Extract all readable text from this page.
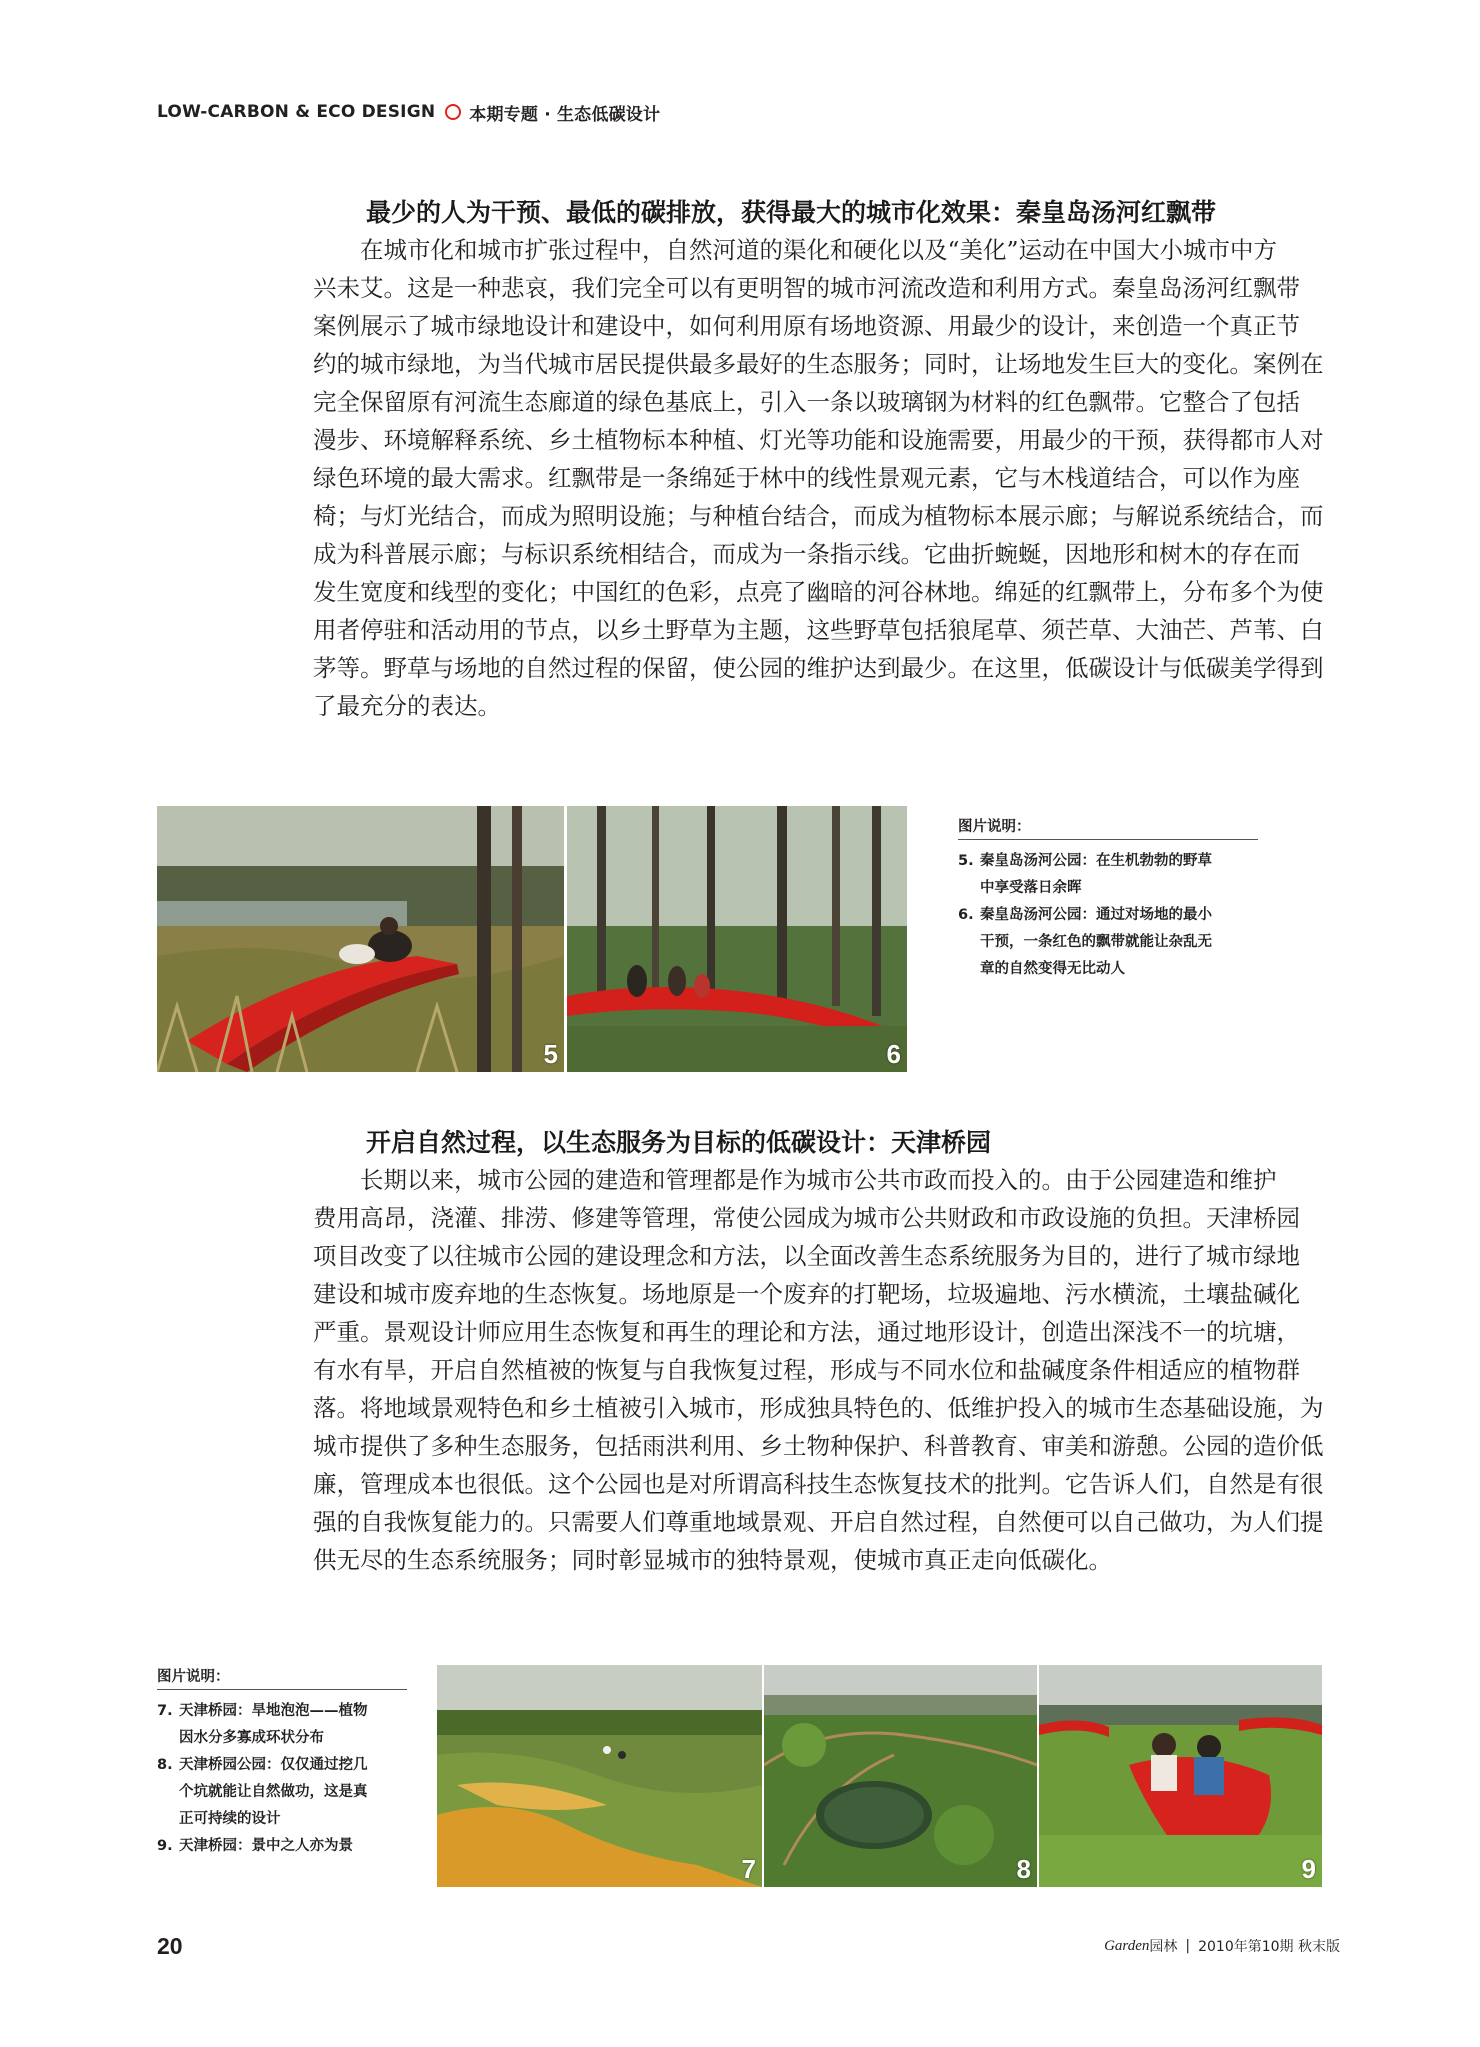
LOW-CARBON & ECO DESIGN 本期专题 · 生态低碳设计
最少的人为干预、最低的碳排放，获得最大的城市化效果：秦皇岛汤河红飘带
　　在城市化和城市扩张过程中，自然河道的渠化和硬化以及“美化”运动在中国大小城市中方
兴未艾。这是一种悲哀，我们完全可以有更明智的城市河流改造和利用方式。秦皇岛汤河红飘带
案例展示了城市绿地设计和建设中，如何利用原有场地资源、用最少的设计，来创造一个真正节
约的城市绿地，为当代城市居民提供最多最好的生态服务；同时，让场地发生巨大的变化。案例在
完全保留原有河流生态廊道的绿色基底上，引入一条以玻璃钢为材料的红色飘带。它整合了包括
漫步、环境解释系统、乡土植物标本种植、灯光等功能和设施需要，用最少的干预，获得都市人对
绿色环境的最大需求。红飘带是一条绵延于林中的线性景观元素，它与木栈道结合，可以作为座
椅；与灯光结合，而成为照明设施；与种植台结合，而成为植物标本展示廊；与解说系统结合，而
成为科普展示廊；与标识系统相结合，而成为一条指示线。它曲折蜿蜒，因地形和树木的存在而
发生宽度和线型的变化；中国红的色彩，点亮了幽暗的河谷林地。绵延的红飘带上，分布多个为使
用者停驻和活动用的节点，以乡土野草为主题，这些野草包括狼尾草、须芒草、大油芒、芦苇、白
茅等。野草与场地的自然过程的保留，使公园的维护达到最少。在这里，低碳设计与低碳美学得到
了最充分的表达。
5	6
图片说明：
5. 秦皇岛汤河公园：在生机勃勃的野草
中享受落日余晖
6. 秦皇岛汤河公园：通过对场地的最小
干预，一条红色的飘带就能让杂乱无
章的自然变得无比动人
开启自然过程，以生态服务为目标的低碳设计：天津桥园
　　长期以来，城市公园的建造和管理都是作为城市公共市政而投入的。由于公园建造和维护
费用高昂，浇灌、排涝、修建等管理，常使公园成为城市公共财政和市政设施的负担。天津桥园
项目改变了以往城市公园的建设理念和方法，以全面改善生态系统服务为目的，进行了城市绿地
建设和城市废弃地的生态恢复。场地原是一个废弃的打靶场，垃圾遍地、污水横流，土壤盐碱化
严重。景观设计师应用生态恢复和再生的理论和方法，通过地形设计，创造出深浅不一的坑塘，
有水有旱，开启自然植被的恢复与自我恢复过程，形成与不同水位和盐碱度条件相适应的植物群
落。将地域景观特色和乡土植被引入城市，形成独具特色的、低维护投入的城市生态基础设施，为
城市提供了多种生态服务，包括雨洪利用、乡土物种保护、科普教育、审美和游憩。公园的造价低
廉，管理成本也很低。这个公园也是对所谓高科技生态恢复技术的批判。它告诉人们，自然是有很
强的自我恢复能力的。只需要人们尊重地域景观、开启自然过程，自然便可以自己做功，为人们提
供无尽的生态系统服务；同时彰显城市的独特景观，使城市真正走向低碳化。
图片说明：
7. 天津桥园：旱地泡泡——植物
因水分多寡成环状分布
8. 天津桥园公园：仅仅通过挖几
个坑就能让自然做功，这是真
正可持续的设计
9. 天津桥园：景中之人亦为景
7	8	9
20	Garden 园林 | 2010年第10期 秋末版
